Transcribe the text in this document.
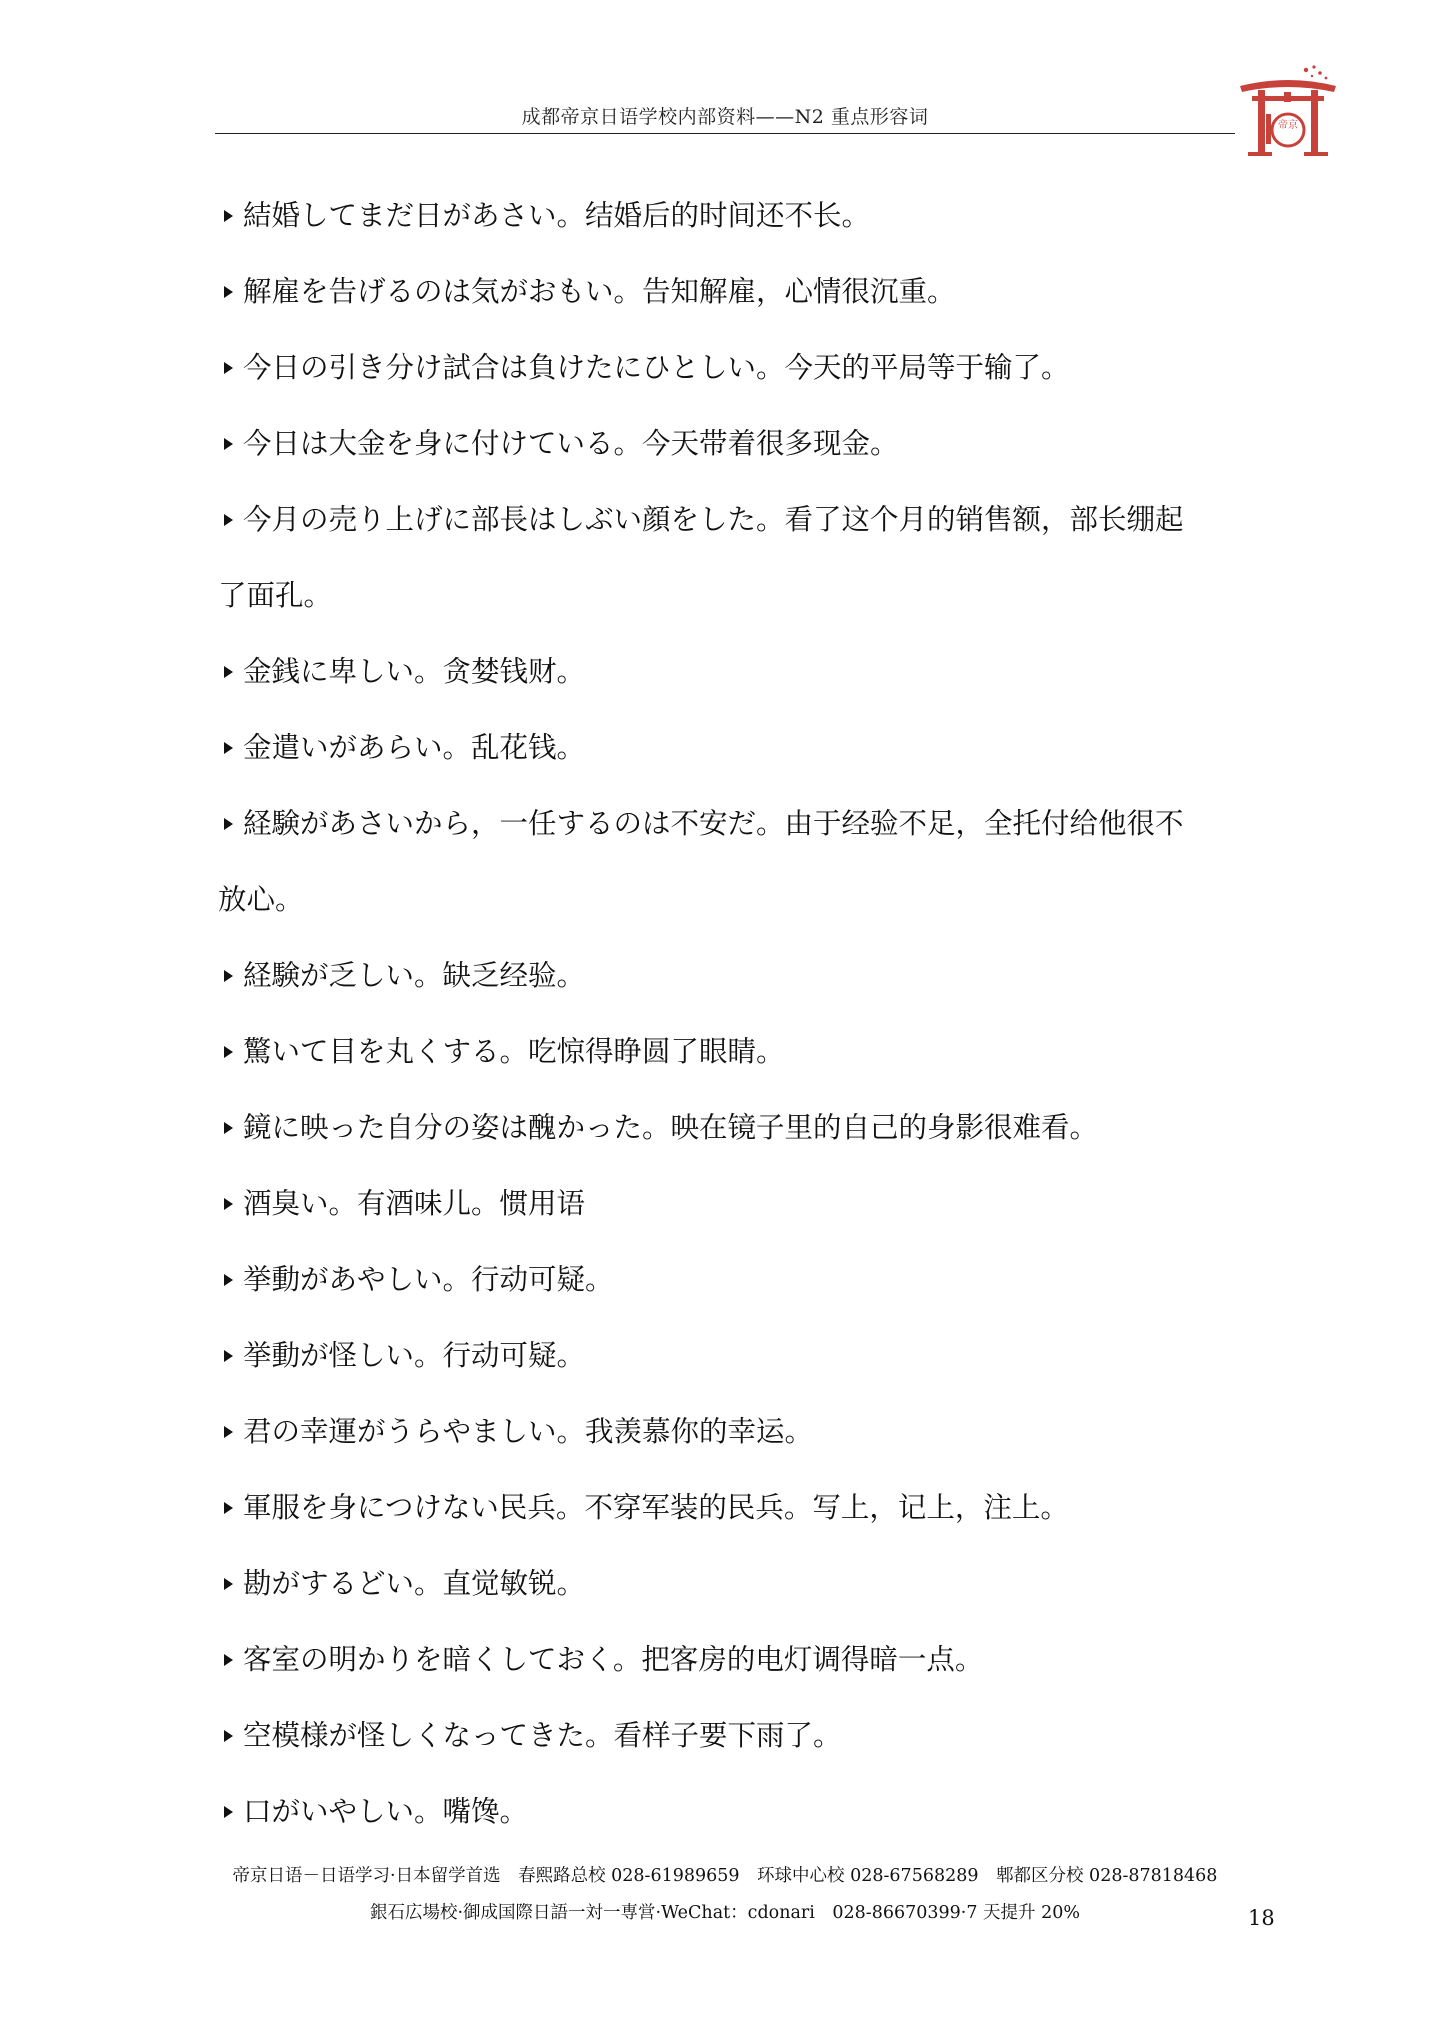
成都帝京日语学校内部资料——N2 重点形容词	帝京
結婚してまだ日があさい。结婚后的时间还不长。
解雇を告げるのは気がおもい。告知解雇，心情很沉重。
今日の引き分け試合は負けたにひとしい。今天的平局等于输了。
今日は大金を身に付けている。今天带着很多现金。
今月の売り上げに部長はしぶい顔をした。看了这个月的销售额，部长绷起
了面孔。
金銭に卑しい。贪婪钱财。
金遣いがあらい。乱花钱。
経験があさいから，一任するのは不安だ。由于经验不足，全托付给他很不
放心。
経験が乏しい。缺乏经验。
驚いて目を丸くする。吃惊得睁圆了眼睛。
鏡に映った自分の姿は醜かった。映在镜子里的自己的身影很难看。
酒臭い。有酒味儿。惯用语
挙動があやしい。行动可疑。
挙動が怪しい。行动可疑。
君の幸運がうらやましい。我羡慕你的幸运。
軍服を身につけない民兵。不穿军装的民兵。写上，记上，注上。
勘がするどい。直觉敏锐。
客室の明かりを暗くしておく。把客房的电灯调得暗一点。
空模様が怪しくなってきた。看样子要下雨了。
口がいやしい。嘴馋。
帝京日语－日语学习·日本留学首选　春熙路总校 028-61989659　环球中心校 028-67568289　郫都区分校 028-87818468
銀石広場校·御成国際日語一対一専営·WeChat：cdonari　028-86670399·7 天提升 20%	18
